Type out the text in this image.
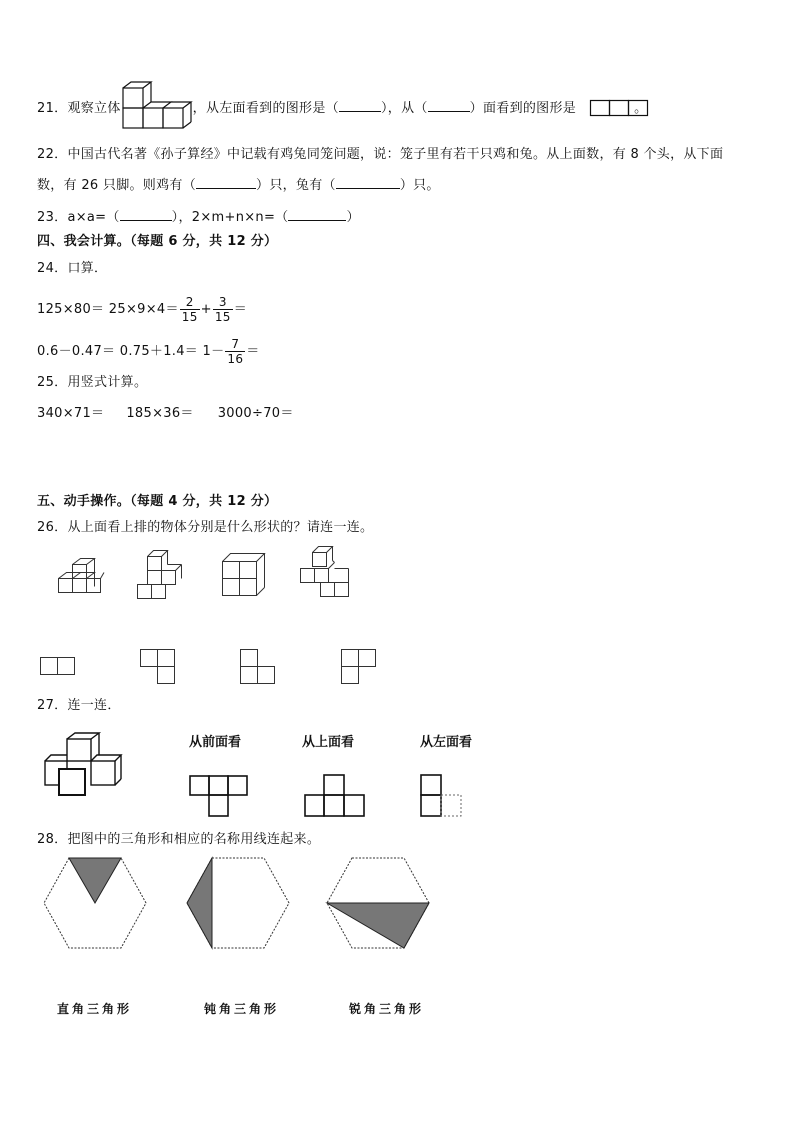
21．观察立体	，从左面看到的图形是（	），从（	）面看到的图形是	。
22．中国古代名著《孙子算经》中记载有鸡兔同笼问题，说：笼子里有若干只鸡和兔。从上面数，有 8 个头，从下面
数，有 26 只脚。则鸡有（	）只，兔有（	）只。
23．a×a=（	），2×m+n×n=（	）
四、我会计算。（每题 6 分，共 12 分）
24．口算．
$125\times 80= 25\times 9\times 4= \frac{2}{15} + \frac{3}{15}$ ＝
$0.6-0.47= 0.75+1.4= 1- \frac{7}{16}$ ＝
25．用竖式计算。
340×71＝ 185×36＝ 3000÷70＝
五、动手操作。（每题 4 分，共 12 分）
26．从上面看上排的物体分别是什么形状的？请连一连。
27．连一连．
从前面看	从上面看	从左面看
28．把图中的三角形和相应的名称用线连起来。
直角三角形	钝角三角形	锐角三角形
